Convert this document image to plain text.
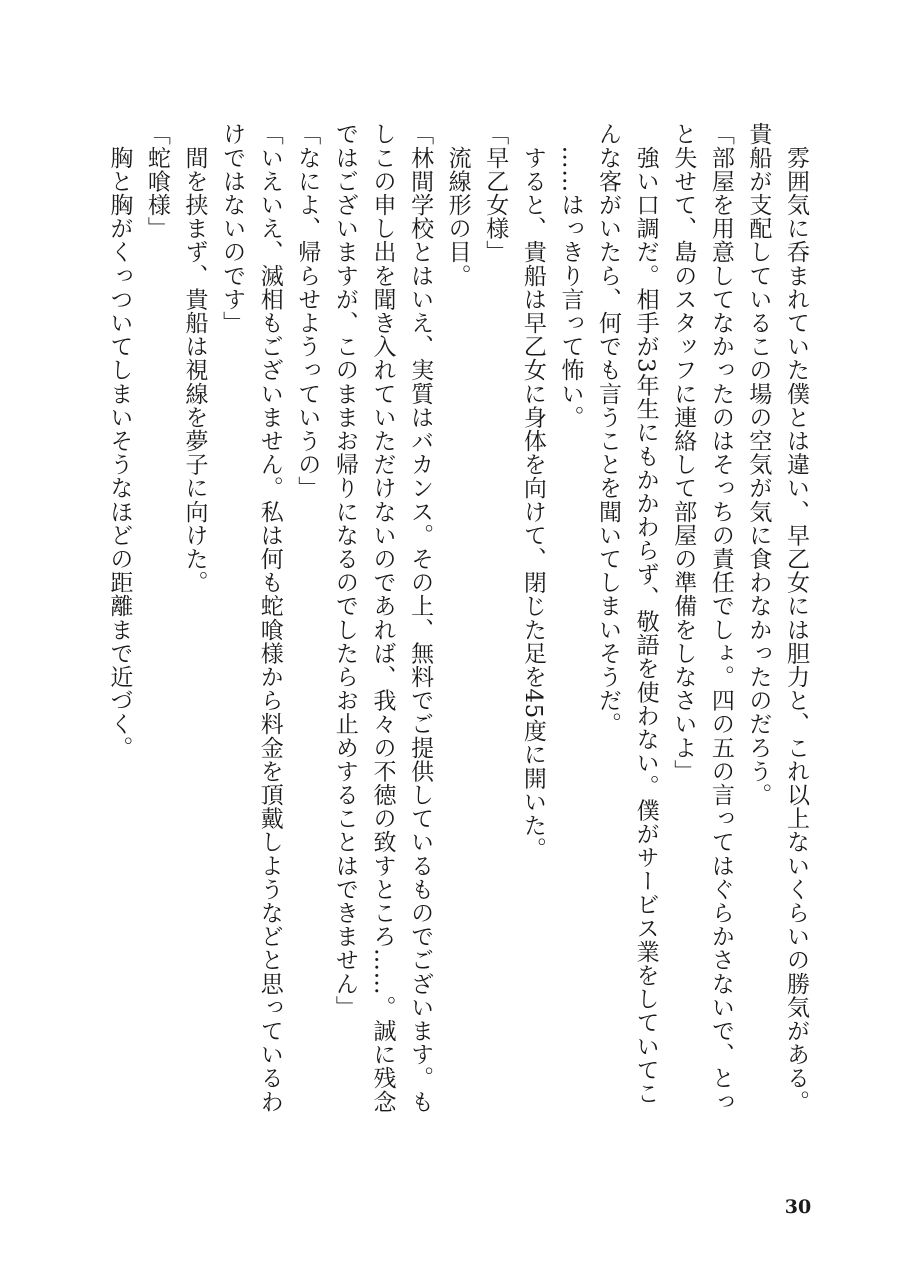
　雰囲気に呑まれていた僕とは違い、早乙女には胆力と、これ以上ないくらいの勝気がある。
貴船が支配しているこの場の空気が気に食わなかったのだろう。
「部屋を用意してなかったのはそっちの責任でしょ。四の五の言ってはぐらかさないで、とっ
と失せて、島のスタッフに連絡して部屋の準備をしなさいよ」
　強い口調だ。相手が3年生にもかかわらず、敬語を使わない。僕がサービス業をしていてこ
んな客がいたら、何でも言うことを聞いてしまいそうだ。
　……はっきり言って怖い。
　すると、貴船は早乙女に身体を向けて、閉じた足を45度に開いた。
「早乙女様」
　流線形の目。
「林間学校とはいえ、実質はバカンス。その上、無料でご提供しているものでございます。も
しこの申し出を聞き入れていただけないのであれば、我々の不徳の致すところ……。誠に残念
ではございますが、このままお帰りになるのでしたらお止めすることはできません」
「なによ、帰らせようっていうの」
「いえいえ、滅相もございません。私は何も蛇喰様から料金を頂戴しようなどと思っているわ
けではないのです」
　間を挟まず、貴船は視線を夢子に向けた。
「蛇喰様」
　胸と胸がくっついてしまいそうなほどの距離まで近づく。
30
